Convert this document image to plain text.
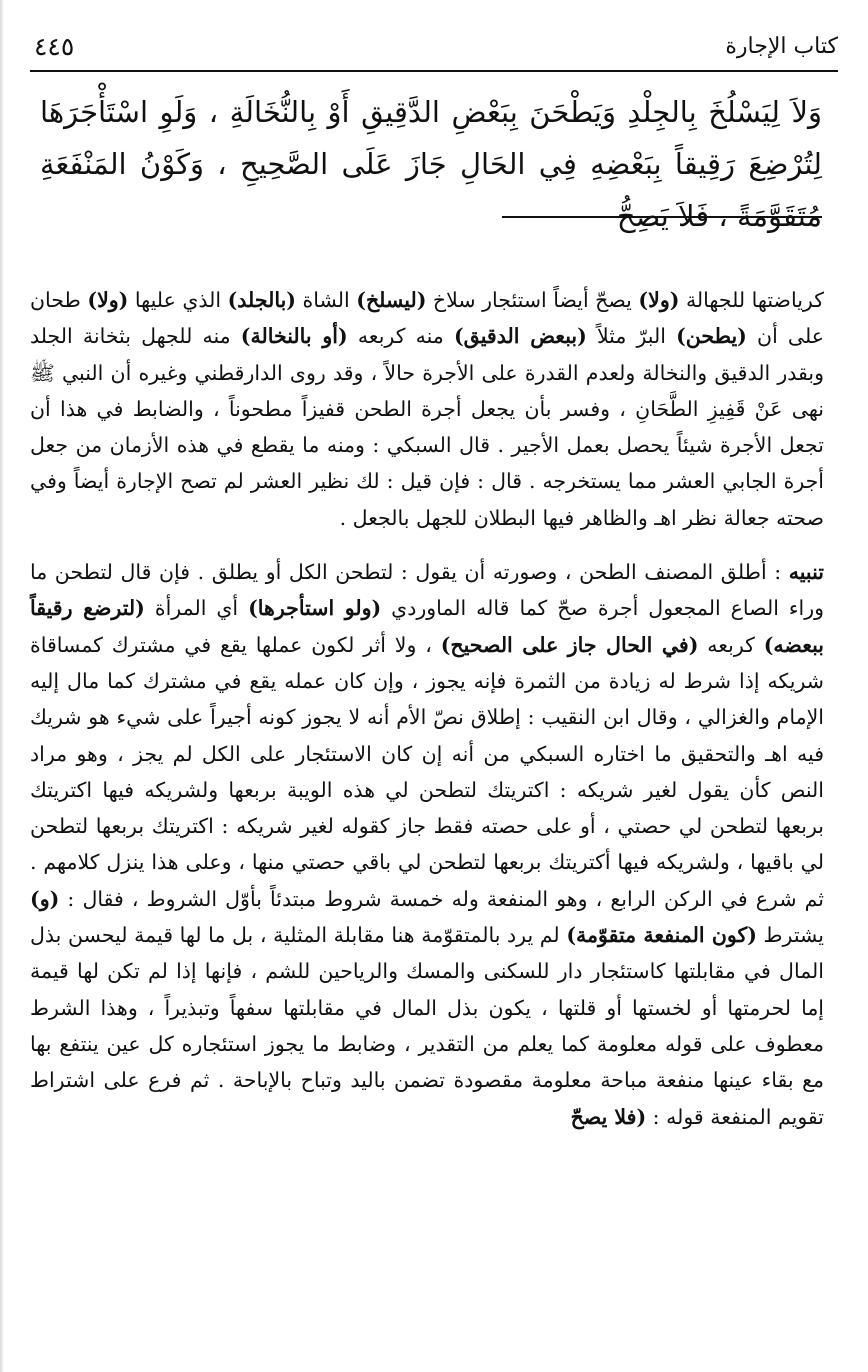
كتاب الإجارة
٤٤٥

وَلاَ لِيَسْلُخَ بِالجِلْدِ وَيَطْحَنَ بِبَعْضِ الدَّقِيقِ أَوْ بِالنُّخَالَةِ ، وَلَوِ اسْتَأْجَرَهَا لِتُرْضِعَ رَقِيقاً بِبَعْضِهِ فِي الحَالِ جَازَ عَلَى الصَّحِيحِ ، وَكَوْنُ المَنْفَعَةِ مُتَقَوَّمَةً ، فَلاَ يَصِحُّ

كرياضتها للجهالة (ولا) يصحّ أيضاً استئجار سلاخ (ليسلخ) الشاة (بالجلد) الذي عليها (ولا) طحان على أن (يطحن) البرّ مثلاً (ببعض الدقيق) منه كربعه (أو بالنخالة) منه للجهل بثخانة الجلد وبقدر الدقيق والنخالة ولعدم القدرة على الأجرة حالاً ، وقد روى الدارقطني وغيره أن النبي ﷺ نهى عَنْ قَفِيزِ الطَّحَانِ ، وفسر بأن يجعل أجرة الطحن قفيزاً مطحوناً ، والضابط في هذا أن تجعل الأجرة شيئاً يحصل بعمل الأجير . قال السبكي : ومنه ما يقطع في هذه الأزمان من جعل أجرة الجابي العشر مما يستخرجه . قال : فإن قيل : لك نظير العشر لم تصح الإجارة أيضاً وفي صحته جعالة نظر اهـ والظاهر فيها البطلان للجهل بالجعل .

تنبيه : أطلق المصنف الطحن ، وصورته أن يقول : لتطحن الكل أو يطلق . فإن قال لتطحن ما وراء الصاع المجعول أجرة صحّ كما قاله الماوردي (ولو استأجرها) أي المرأة (لترضع رقيقاً ببعضه) كربعه (في الحال جاز على الصحيح) ، ولا أثر لكون عملها يقع في مشترك كمساقاة شريكه إذا شرط له زيادة من الثمرة فإنه يجوز ، وإن كان عمله يقع في مشترك كما مال إليه الإمام والغزالي ، وقال ابن النقيب : إطلاق نصّ الأم أنه لا يجوز كونه أجيراً على شيء هو شريك فيه اهـ والتحقيق ما اختاره السبكي من أنه إن كان الاستئجار على الكل لم يجز ، وهو مراد النص كأن يقول لغير شريكه : اكتريتك لتطحن لي هذه الويبة بربعها ولشريكه فيها اكتريتك بربعها لتطحن لي حصتي ، أو على حصته فقط جاز كقوله لغير شريكه : اكتريتك بربعها لتطحن لي باقيها ، ولشريكه فيها أكتريتك بربعها لتطحن لي باقي حصتي منها ، وعلى هذا ينزل كلامهم . ثم شرع في الركن الرابع ، وهو المنفعة وله خمسة شروط مبتدئاً بأوّل الشروط ، فقال : (و) يشترط (كون المنفعة متقوّمة) لم يرد بالمتقوّمة هنا مقابلة المثلية ، بل ما لها قيمة ليحسن بذل المال في مقابلتها كاستئجار دار للسكنى والمسك والرياحين للشم ، فإنها إذا لم تكن لها قيمة إما لحرمتها أو لخستها أو قلتها ، يكون بذل المال في مقابلتها سفهاً وتبذيراً ، وهذا الشرط معطوف على قوله معلومة كما يعلم من التقدير ، وضابط ما يجوز استئجاره كل عين ينتفع بها مع بقاء عينها منفعة مباحة معلومة مقصودة تضمن باليد وتباح بالإباحة . ثم فرع على اشتراط تقويم المنفعة قوله : (فلا يصحّ
